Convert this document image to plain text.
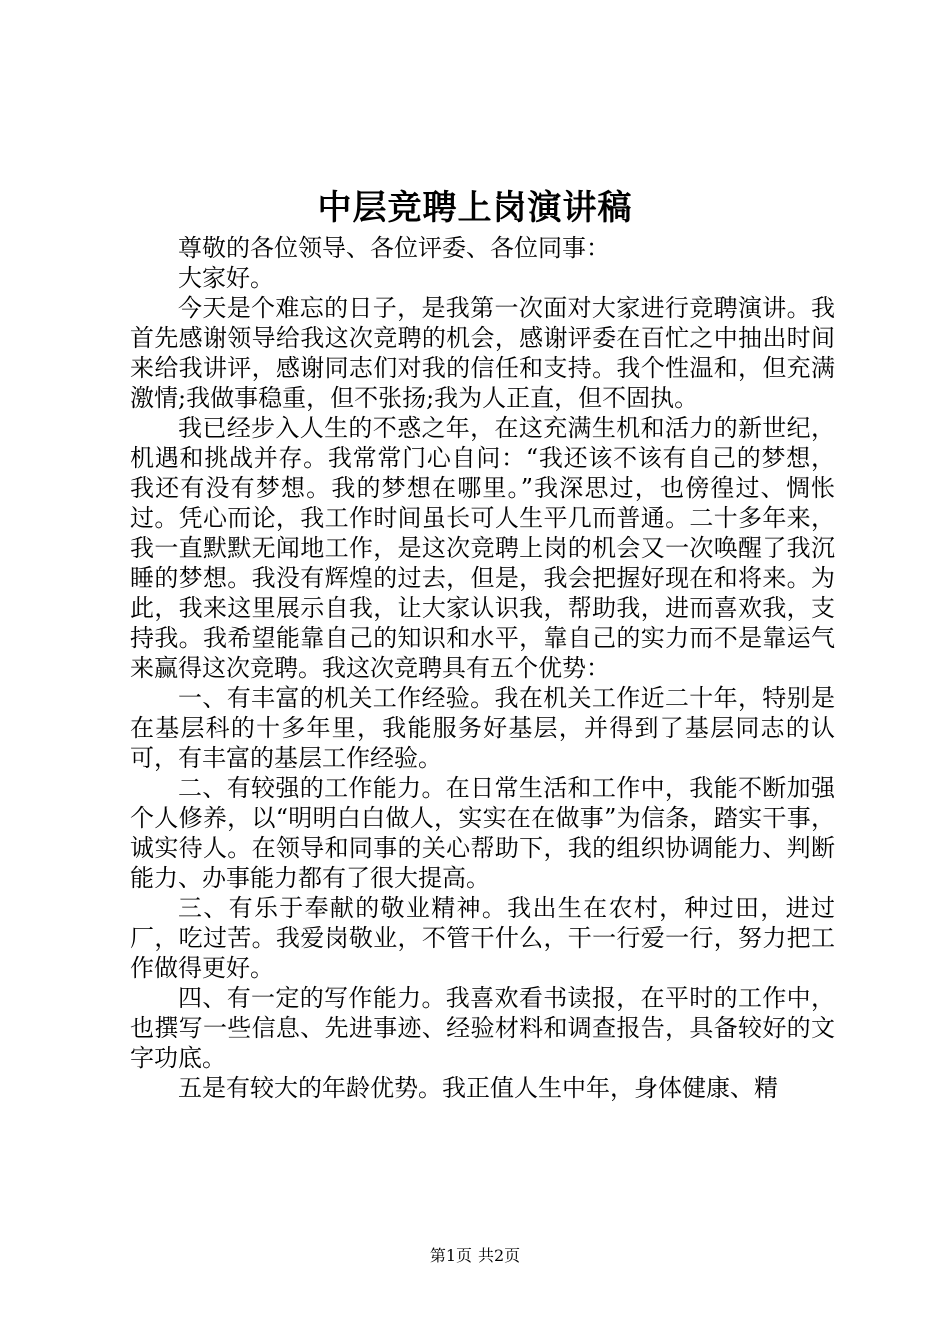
中层竞聘上岗演讲稿

尊敬的各位领导、各位评委、各位同事：

大家好。

今天是个难忘的日子，是我第一次面对大家进行竞聘演讲。我首先感谢领导给我这次竞聘的机会，感谢评委在百忙之中抽出时间来给我讲评，感谢同志们对我的信任和支持。我个性温和，但充满激情;我做事稳重，但不张扬;我为人正直，但不固执。

我已经步入人生的不惑之年，在这充满生机和活力的新世纪，机遇和挑战并存。我常常门心自问：“我还该不该有自己的梦想，我还有没有梦想。我的梦想在哪里。”我深思过，也傍徨过、惆怅过。凭心而论，我工作时间虽长可人生平几而普通。二十多年来，我一直默默无闻地工作，是这次竞聘上岗的机会又一次唤醒了我沉睡的梦想。我没有辉煌的过去，但是，我会把握好现在和将来。为此，我来这里展示自我，让大家认识我，帮助我，进而喜欢我，支持我。我希望能靠自己的知识和水平，靠自己的实力而不是靠运气来赢得这次竞聘。我这次竞聘具有五个优势：

一、有丰富的机关工作经验。我在机关工作近二十年，特别是在基层科的十多年里，我能服务好基层，并得到了基层同志的认可，有丰富的基层工作经验。

二、有较强的工作能力。在日常生活和工作中，我能不断加强个人修养，以“明明白白做人，实实在在做事”为信条，踏实干事，诚实待人。在领导和同事的关心帮助下，我的组织协调能力、判断能力、办事能力都有了很大提高。

三、有乐于奉献的敬业精神。我出生在农村，种过田，进过厂，吃过苦。我爱岗敬业，不管干什么，干一行爱一行，努力把工作做得更好。

四、有一定的写作能力。我喜欢看书读报，在平时的工作中，也撰写一些信息、先进事迹、经验材料和调查报告，具备较好的文字功底。

五是有较大的年龄优势。我正值人生中年，身体健康、精

第1页 共2页
